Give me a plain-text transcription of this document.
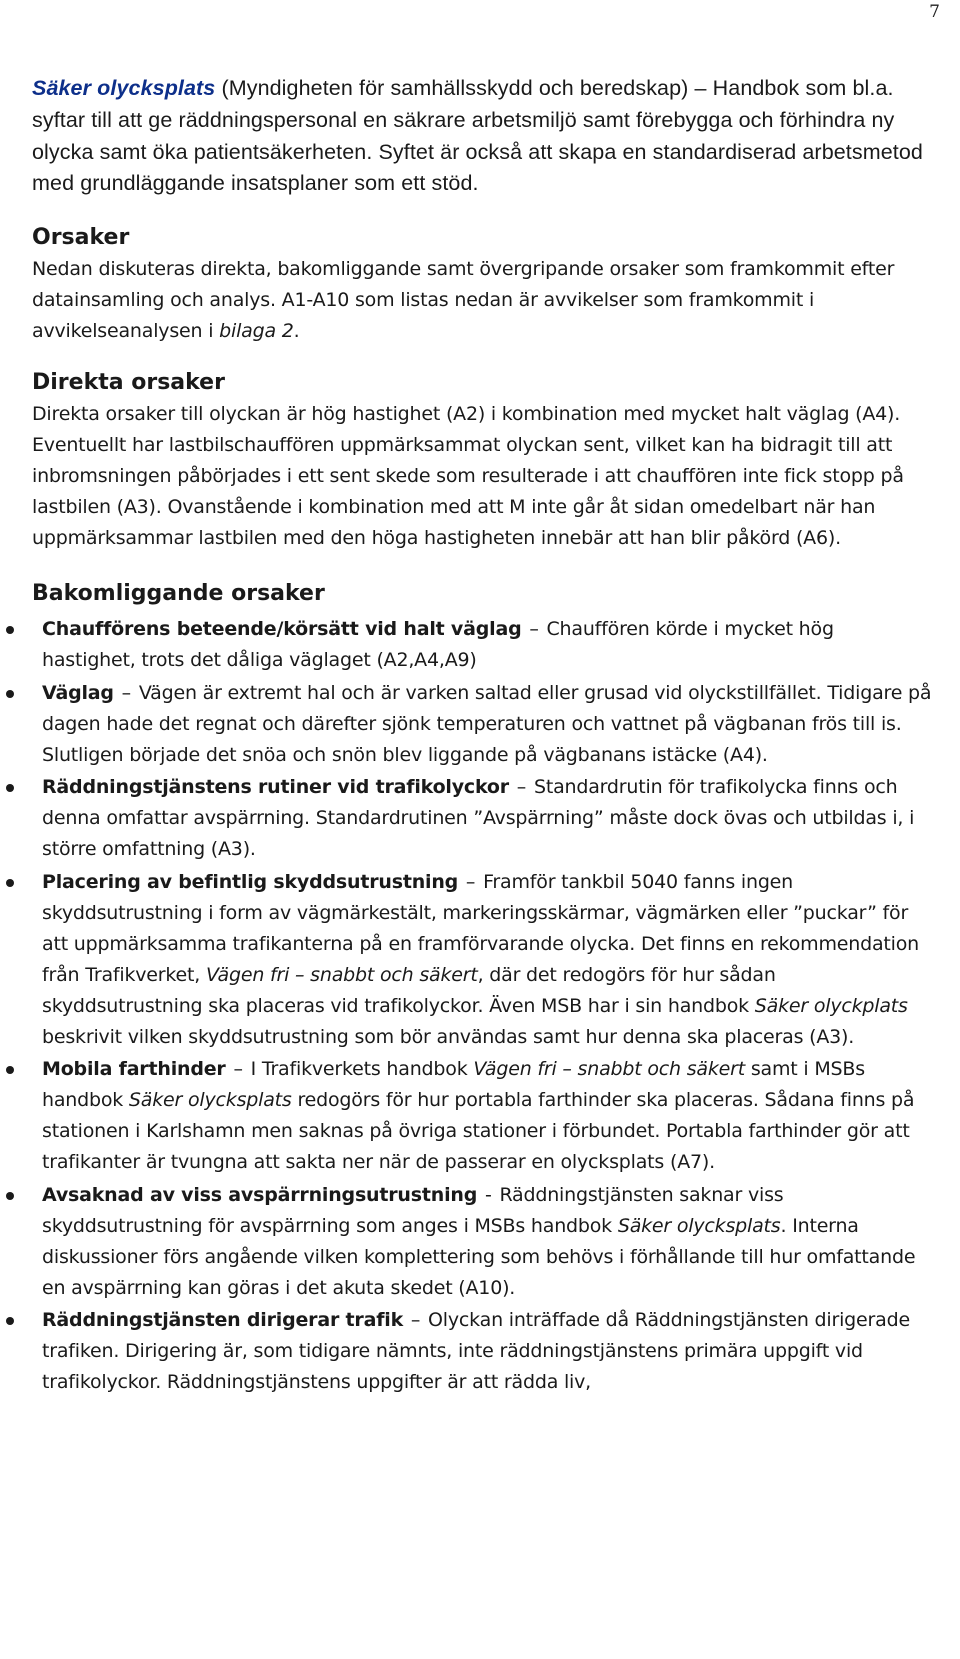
7

Säker olycksplats (Myndigheten för samhällsskydd och beredskap) – Handbok som bl.a. syftar till att ge räddningspersonal en säkrare arbetsmiljö samt förebygga och förhindra ny olycka samt öka patientsäkerheten. Syftet är också att skapa en standardiserad arbetsmetod med grundläggande insatsplaner som ett stöd.

Orsaker

Nedan diskuteras direkta, bakomliggande samt övergripande orsaker som framkommit efter datainsamling och analys. A1-A10 som listas nedan är avvikelser som framkommit i avvikelseanalysen i bilaga 2.

Direkta orsaker

Direkta orsaker till olyckan är hög hastighet (A2) i kombination med mycket halt väglag (A4). Eventuellt har lastbilschauffören uppmärksammat olyckan sent, vilket kan ha bidragit till att inbromsningen påbörjades i ett sent skede som resulterade i att chauffören inte fick stopp på lastbilen (A3). Ovanstående i kombination med att M inte går åt sidan omedelbart när han uppmärksammar lastbilen med den höga hastigheten innebär att han blir påkörd (A6).

Bakomliggande orsaker
Chaufförens beteende/körsätt vid halt väglag – Chauffören körde i mycket hög hastighet, trots det dåliga väglaget (A2,A4,A9)
Väglag – Vägen är extremt hal och är varken saltad eller grusad vid olyckstillfället. Tidigare på dagen hade det regnat och därefter sjönk temperaturen och vattnet på vägbanan frös till is. Slutligen började det snöa och snön blev liggande på vägbanans istäcke (A4).
Räddningstjänstens rutiner vid trafikolyckor – Standardrutin för trafikolycka finns och denna omfattar avspärrning. Standardrutinen ”Avspärrning” måste dock övas och utbildas i, i större omfattning (A3).
Placering av befintlig skyddsutrustning – Framför tankbil 5040 fanns ingen skyddsutrustning i form av vägmärkestält, markeringsskärmar, vägmärken eller ”puckar” för att uppmärksamma trafikanterna på en framförvarande olycka. Det finns en rekommendation från Trafikverket, Vägen fri – snabbt och säkert, där det redogörs för hur sådan skyddsutrustning ska placeras vid trafikolyckor. Även MSB har i sin handbok Säker olyckplats beskrivit vilken skyddsutrustning som bör användas samt hur denna ska placeras (A3).
Mobila farthinder – I Trafikverkets handbok Vägen fri – snabbt och säkert samt i MSBs handbok Säker olycksplats redogörs för hur portabla farthinder ska placeras. Sådana finns på stationen i Karlshamn men saknas på övriga stationer i förbundet. Portabla farthinder gör att trafikanter är tvungna att sakta ner när de passerar en olycksplats (A7).
Avsaknad av viss avspärrningsutrustning - Räddningstjänsten saknar viss skyddsutrustning för avspärrning som anges i MSBs handbok Säker olycksplats. Interna diskussioner förs angående vilken komplettering som behövs i förhållande till hur omfattande en avspärrning kan göras i det akuta skedet (A10).
Räddningstjänsten dirigerar trafik – Olyckan inträffade då Räddningstjänsten dirigerade trafiken. Dirigering är, som tidigare nämnts, inte räddningstjänstens primära uppgift vid trafikolyckor. Räddningstjänstens uppgifter är att rädda liv,
